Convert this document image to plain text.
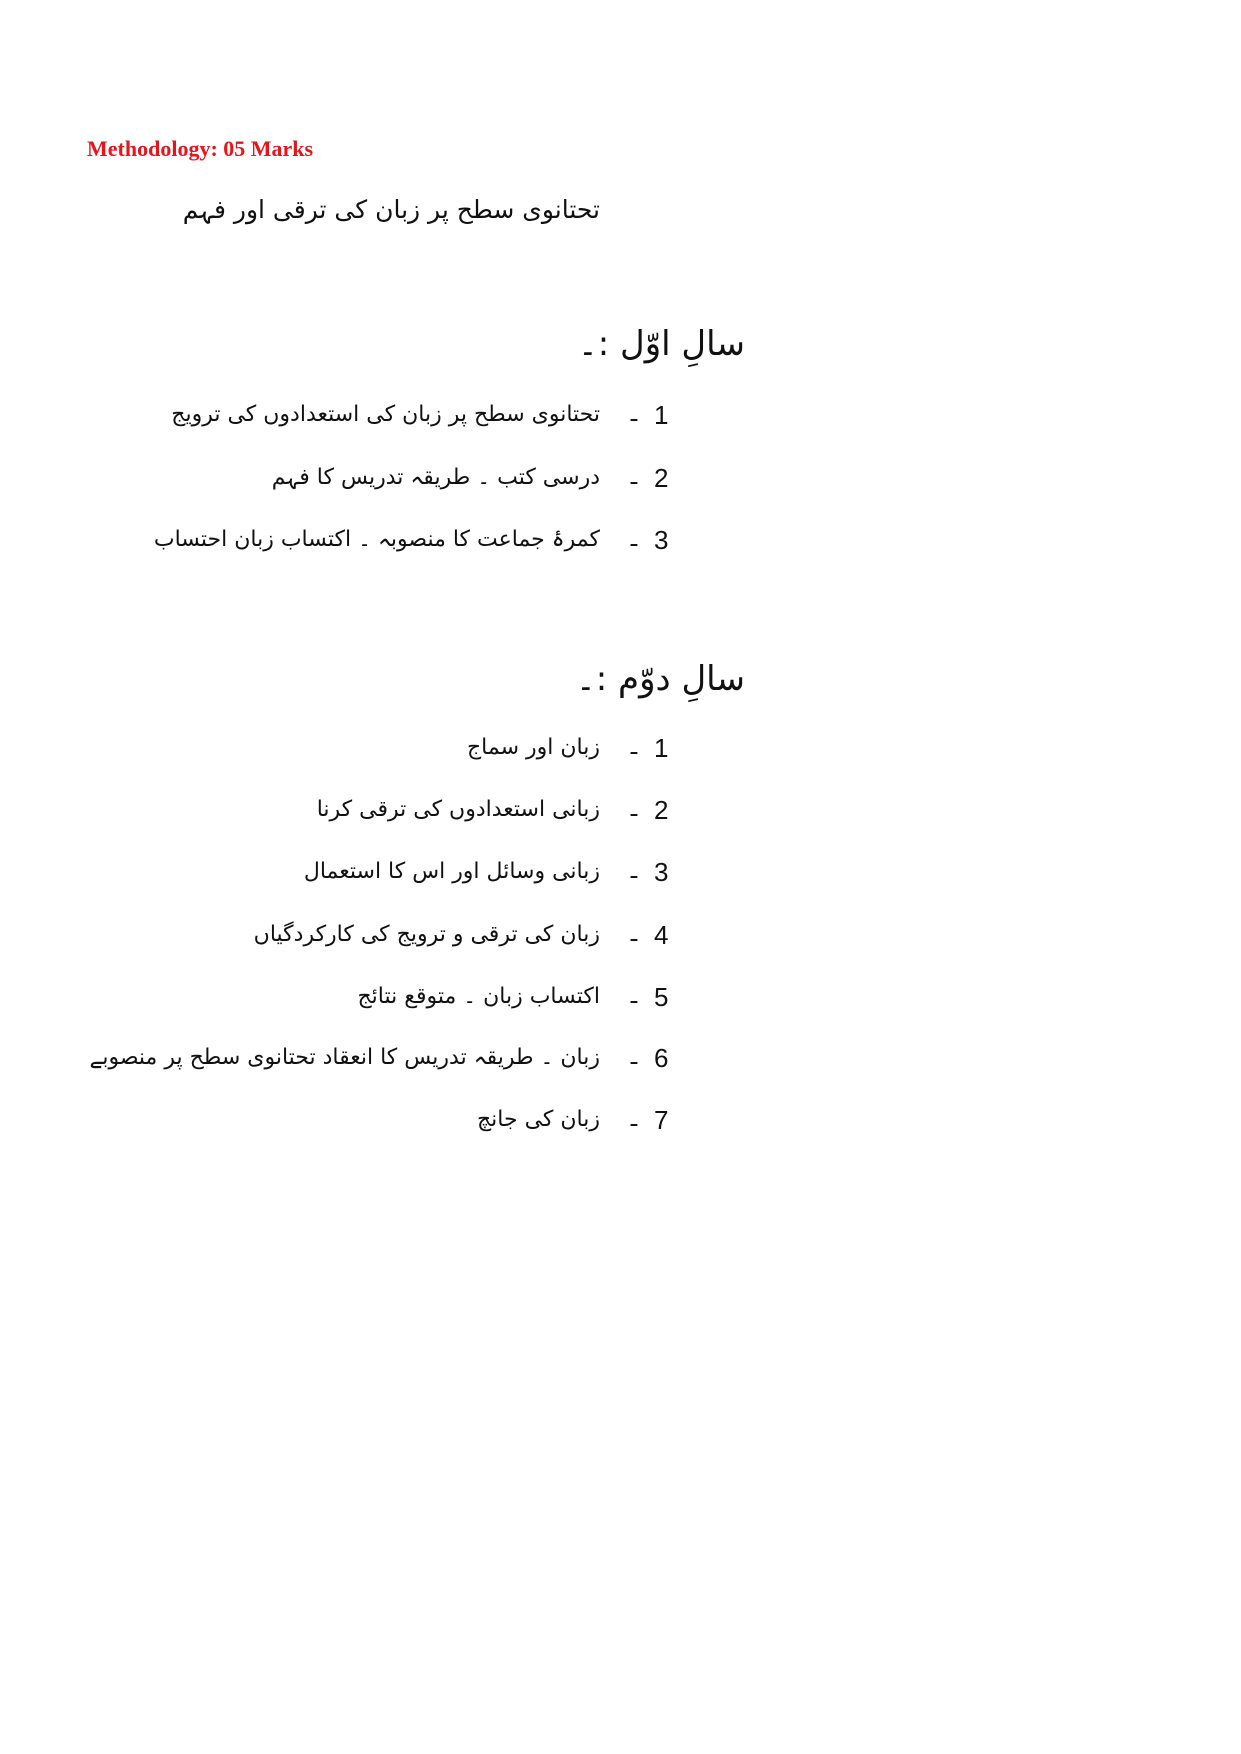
Methodology: 05 Marks
تحتانوی سطح پر زبان کی ترقی اور فہم
سالِ اوّل :۔
ـ 1
تحتانوی سطح پر زبان کی استعدادوں کی ترویج
ـ 2
درسی کتب ۔ طریقہ تدریس کا فہم
ـ 3
کمرۂ جماعت کا منصوبہ ۔ اکتساب زبان احتساب
سالِ دوّم :۔
ـ 1
زبان اور سماج
ـ 2
زبانی استعدادوں کی ترقی کرنا
ـ 3
زبانی وسائل اور اس کا استعمال
ـ 4
زبان کی ترقی و ترویج کی کارکردگیاں
ـ 5
اکتساب زبان ۔ متوقع نتائج
ـ 6
زبان ۔ طریقہ تدریس کا انعقاد تحتانوی سطح پر منصوبے
ـ 7
زبان کی جانچ
